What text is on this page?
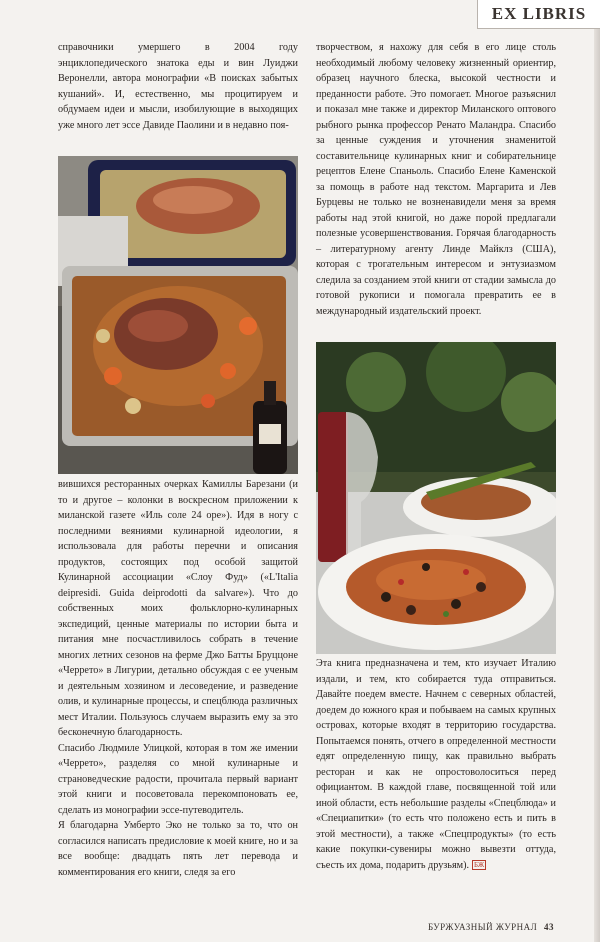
EX LIBRIS

справочники умершего в 2004 году энциклопедического знатока еды и вин Луиджи Веронелли, автора монографии «В поисках забытых кушаний». И, естественно, мы процитируем и обдумаем идеи и мысли, изобилующие в выходящих уже много лет эссе Давиде Паолини и в недавно поя-

вившихся ресторанных очерках Камиллы Барезани (и то и другое – колонки в воскресном приложении к миланской газете «Иль соле 24 оре»). Идя в ногу с последними веяниями кулинарной идеологии, я использовала для работы перечни и описания продуктов, состоящих под особой защитой Кулинарной ассоциации «Слоу Фуд» («L'Italia deipresidi. Guida deiprodotti da salvare»). Что до собственных моих фольклорно-кулинарных экспедиций, ценные материалы по истории быта и питания мне посчастливилось собрать в течение многих летних сезонов на ферме Джо Батты Бруццоне «Черрето» в Лигурии, детально обсуждая с ее ученым и деятельным хозяином и лесоведение, и разведение олив, и кулинарные процессы, и спецблюда различных мест Италии. Пользуюсь случаем выразить ему за это бесконечную благодарность.

Спасибо Людмиле Улицкой, которая в том же имении «Черрето», разделяя со мной кулинарные и страноведческие радости, прочитала первый вариант этой книги и посоветовала перекомпоновать ее, сделать из монографии эссе-путеводитель.

Я благодарна Умберто Эко не только за то, что он согласился написать предисловие к моей книге, но и за все вообще: двадцать пять лет перевода и комментирования его книги, следя за его

творчеством, я нахожу для себя в его лице столь необходимый любому человеку жизненный ориентир, образец научного блеска, высокой честности и преданности работе. Это помогает. Многое разъяснил и показал мне также и директор Миланского оптового рыбного рынка профессор Ренато Маландра. Спасибо за ценные суждения и уточнения знаменитой составительнице кулинарных книг и собирательнице рецептов Елене Спаньоль. Спасибо Елене Каменской за помощь в работе над текстом. Маргарита и Лев Бурцевы не только не возненавидели меня за время работы над этой книгой, но даже порой предлагали полезные усовершенствования. Горячая благодарность – литературному агенту Линде Майклз (США), которая с трогательным интересом и энтузиазмом следила за созданием этой книги от стадии замысла до готовой рукописи и помогала превратить ее в международный издательский проект.

Эта книга предназначена и тем, кто изучает Италию издали, и тем, кто собирается туда отправиться. Давайте поедем вместе. Начнем с северных областей, доедем до южного края и побываем на самых крупных островах, которые входят в территорию государства. Попытаемся понять, отчего в определенной местности едят определенную пищу, как правильно выбрать ресторан и как не опростоволоситься перед официантом. В каждой главе, посвященной той или иной области, есть небольшие разделы «Спецблюда» и «Специапитки» (то есть что положено есть и пить в этой местности), а также «Спецпродукты» (то есть какие покупки-сувениры можно вывезти оттуда, съесть их дома, подарить друзьям). БЖ

БУРЖУАЗНЫЙ ЖУРНАЛ 43
